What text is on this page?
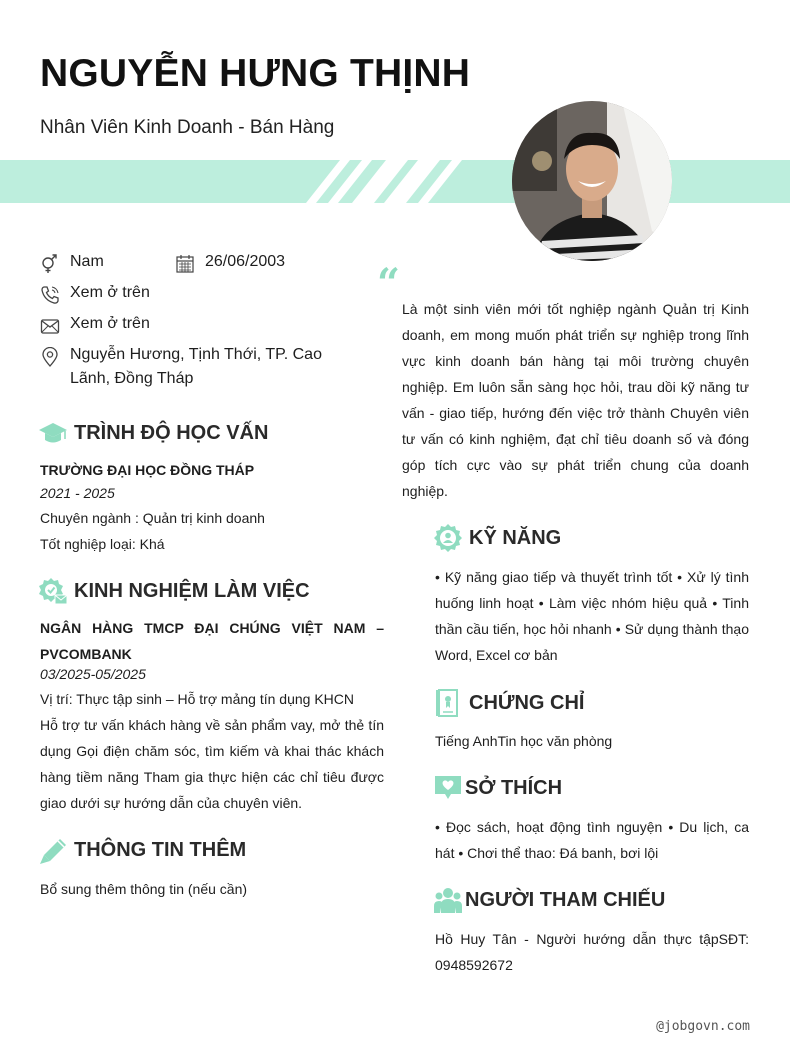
NGUYỄN HƯNG THỊNH
Nhân Viên Kinh Doanh - Bán Hàng
Nam	26/06/2003
Xem ở trên
Xem ở trên
Nguyễn Hương, Tịnh Thới, TP. Cao Lãnh, Đồng Tháp
TRÌNH ĐỘ HỌC VẤN
TRƯỜNG ĐẠI HỌC ĐỒNG THÁP
2021 - 2025
Chuyên ngành : Quản trị kinh doanh
Tốt nghiệp loại: Khá
KINH NGHIỆM LÀM VIỆC
NGÂN HÀNG TMCP ĐẠI CHÚNG VIỆT NAM – PVCOMBANK
03/2025-05/2025
Vị trí: Thực tập sinh – Hỗ trợ mảng tín dụng KHCN
Hỗ trợ tư vấn khách hàng về sản phẩm vay, mở thẻ tín dụng Gọi điện chăm sóc, tìm kiếm và khai thác khách hàng tiềm năng Tham gia thực hiện các chỉ tiêu được giao dưới sự hướng dẫn của chuyên viên.
THÔNG TIN THÊM
Bổ sung thêm thông tin (nếu cần)
“
Là một sinh viên mới tốt nghiệp ngành Quản trị Kinh doanh, em mong muốn phát triển sự nghiệp trong lĩnh vực kinh doanh bán hàng tại môi trường chuyên nghiệp. Em luôn sẵn sàng học hỏi, trau dồi kỹ năng tư vấn - giao tiếp, hướng đến việc trở thành Chuyên viên tư vấn có kinh nghiệm, đạt chỉ tiêu doanh số và đóng góp tích cực vào sự phát triển chung của doanh nghiệp.
KỸ NĂNG
• Kỹ năng giao tiếp và thuyết trình tốt • Xử lý tình huống linh hoạt • Làm việc nhóm hiệu quả • Tinh thần cầu tiến, học hỏi nhanh • Sử dụng thành thạo Word, Excel cơ bản
CHỨNG CHỈ
Tiếng AnhTin học văn phòng
SỞ THÍCH
• Đọc sách, hoạt động tình nguyện • Du lịch, ca hát • Chơi thể thao: Đá banh, bơi lội
NGƯỜI THAM CHIẾU
Hồ Huy Tân - Người hướng dẫn thực tậpSĐT: 0948592672
@jobgovn.com
